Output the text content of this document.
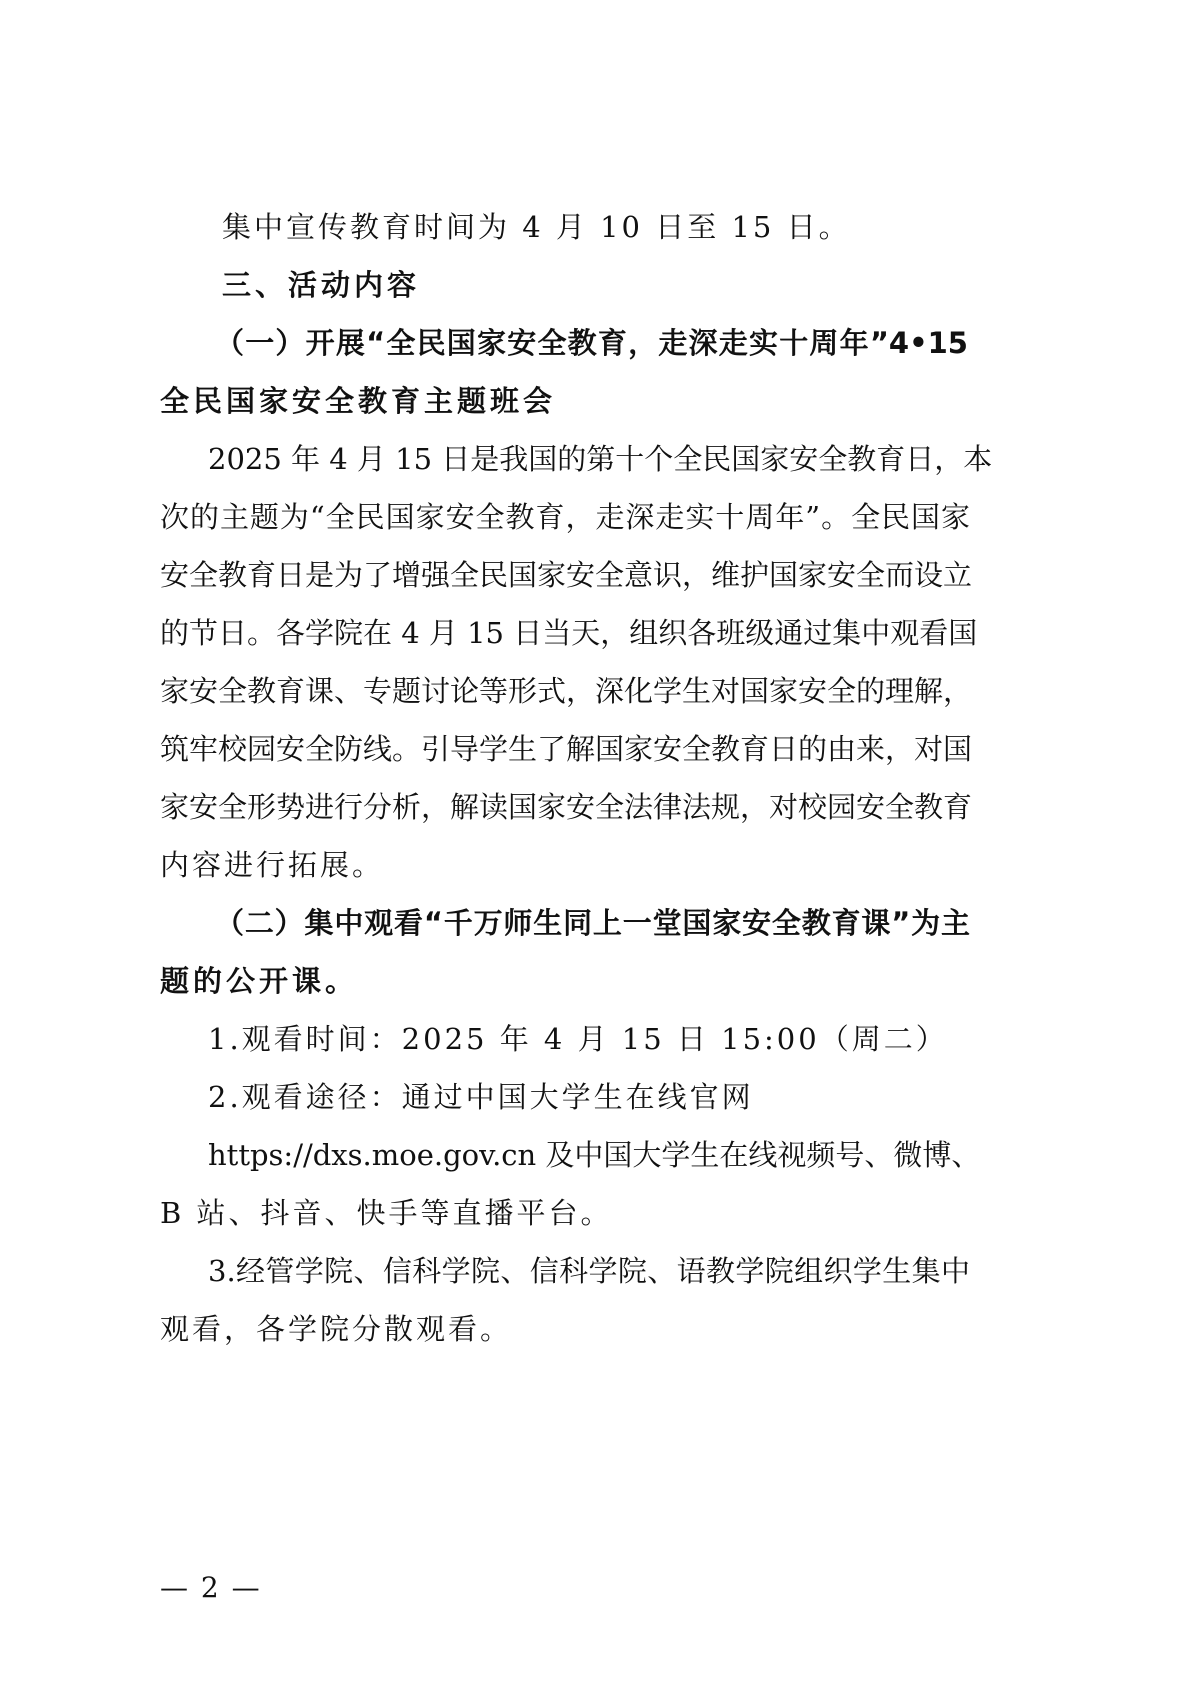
集中宣传教育时间为 4 月 10 日至 15 日。
三、活动内容
（一）开展“全民国家安全教育，走深走实十周年”4•15
全民国家安全教育主题班会
2025 年 4 月 15 日是我国的第十个全民国家安全教育日，本
次的主题为“全民国家安全教育，走深走实十周年”。全民国家
安全教育日是为了增强全民国家安全意识，维护国家安全而设立
的节日。各学院在 4 月 15 日当天，组织各班级通过集中观看国
家安全教育课、专题讨论等形式，深化学生对国家安全的理解，
筑牢校园安全防线。引导学生了解国家安全教育日的由来，对国
家安全形势进行分析，解读国家安全法律法规，对校园安全教育
内容进行拓展。
（二）集中观看“千万师生同上一堂国家安全教育课”为主
题的公开课。
1.观看时间：2025 年 4 月 15 日 15:00（周二）
2.观看途径：通过中国大学生在线官网
https://dxs.moe.gov.cn 及中国大学生在线视频号、微博、
B 站、抖音、快手等直播平台。
3.经管学院、信科学院、信科学院、语教学院组织学生集中
观看，各学院分散观看。
— 2 —
